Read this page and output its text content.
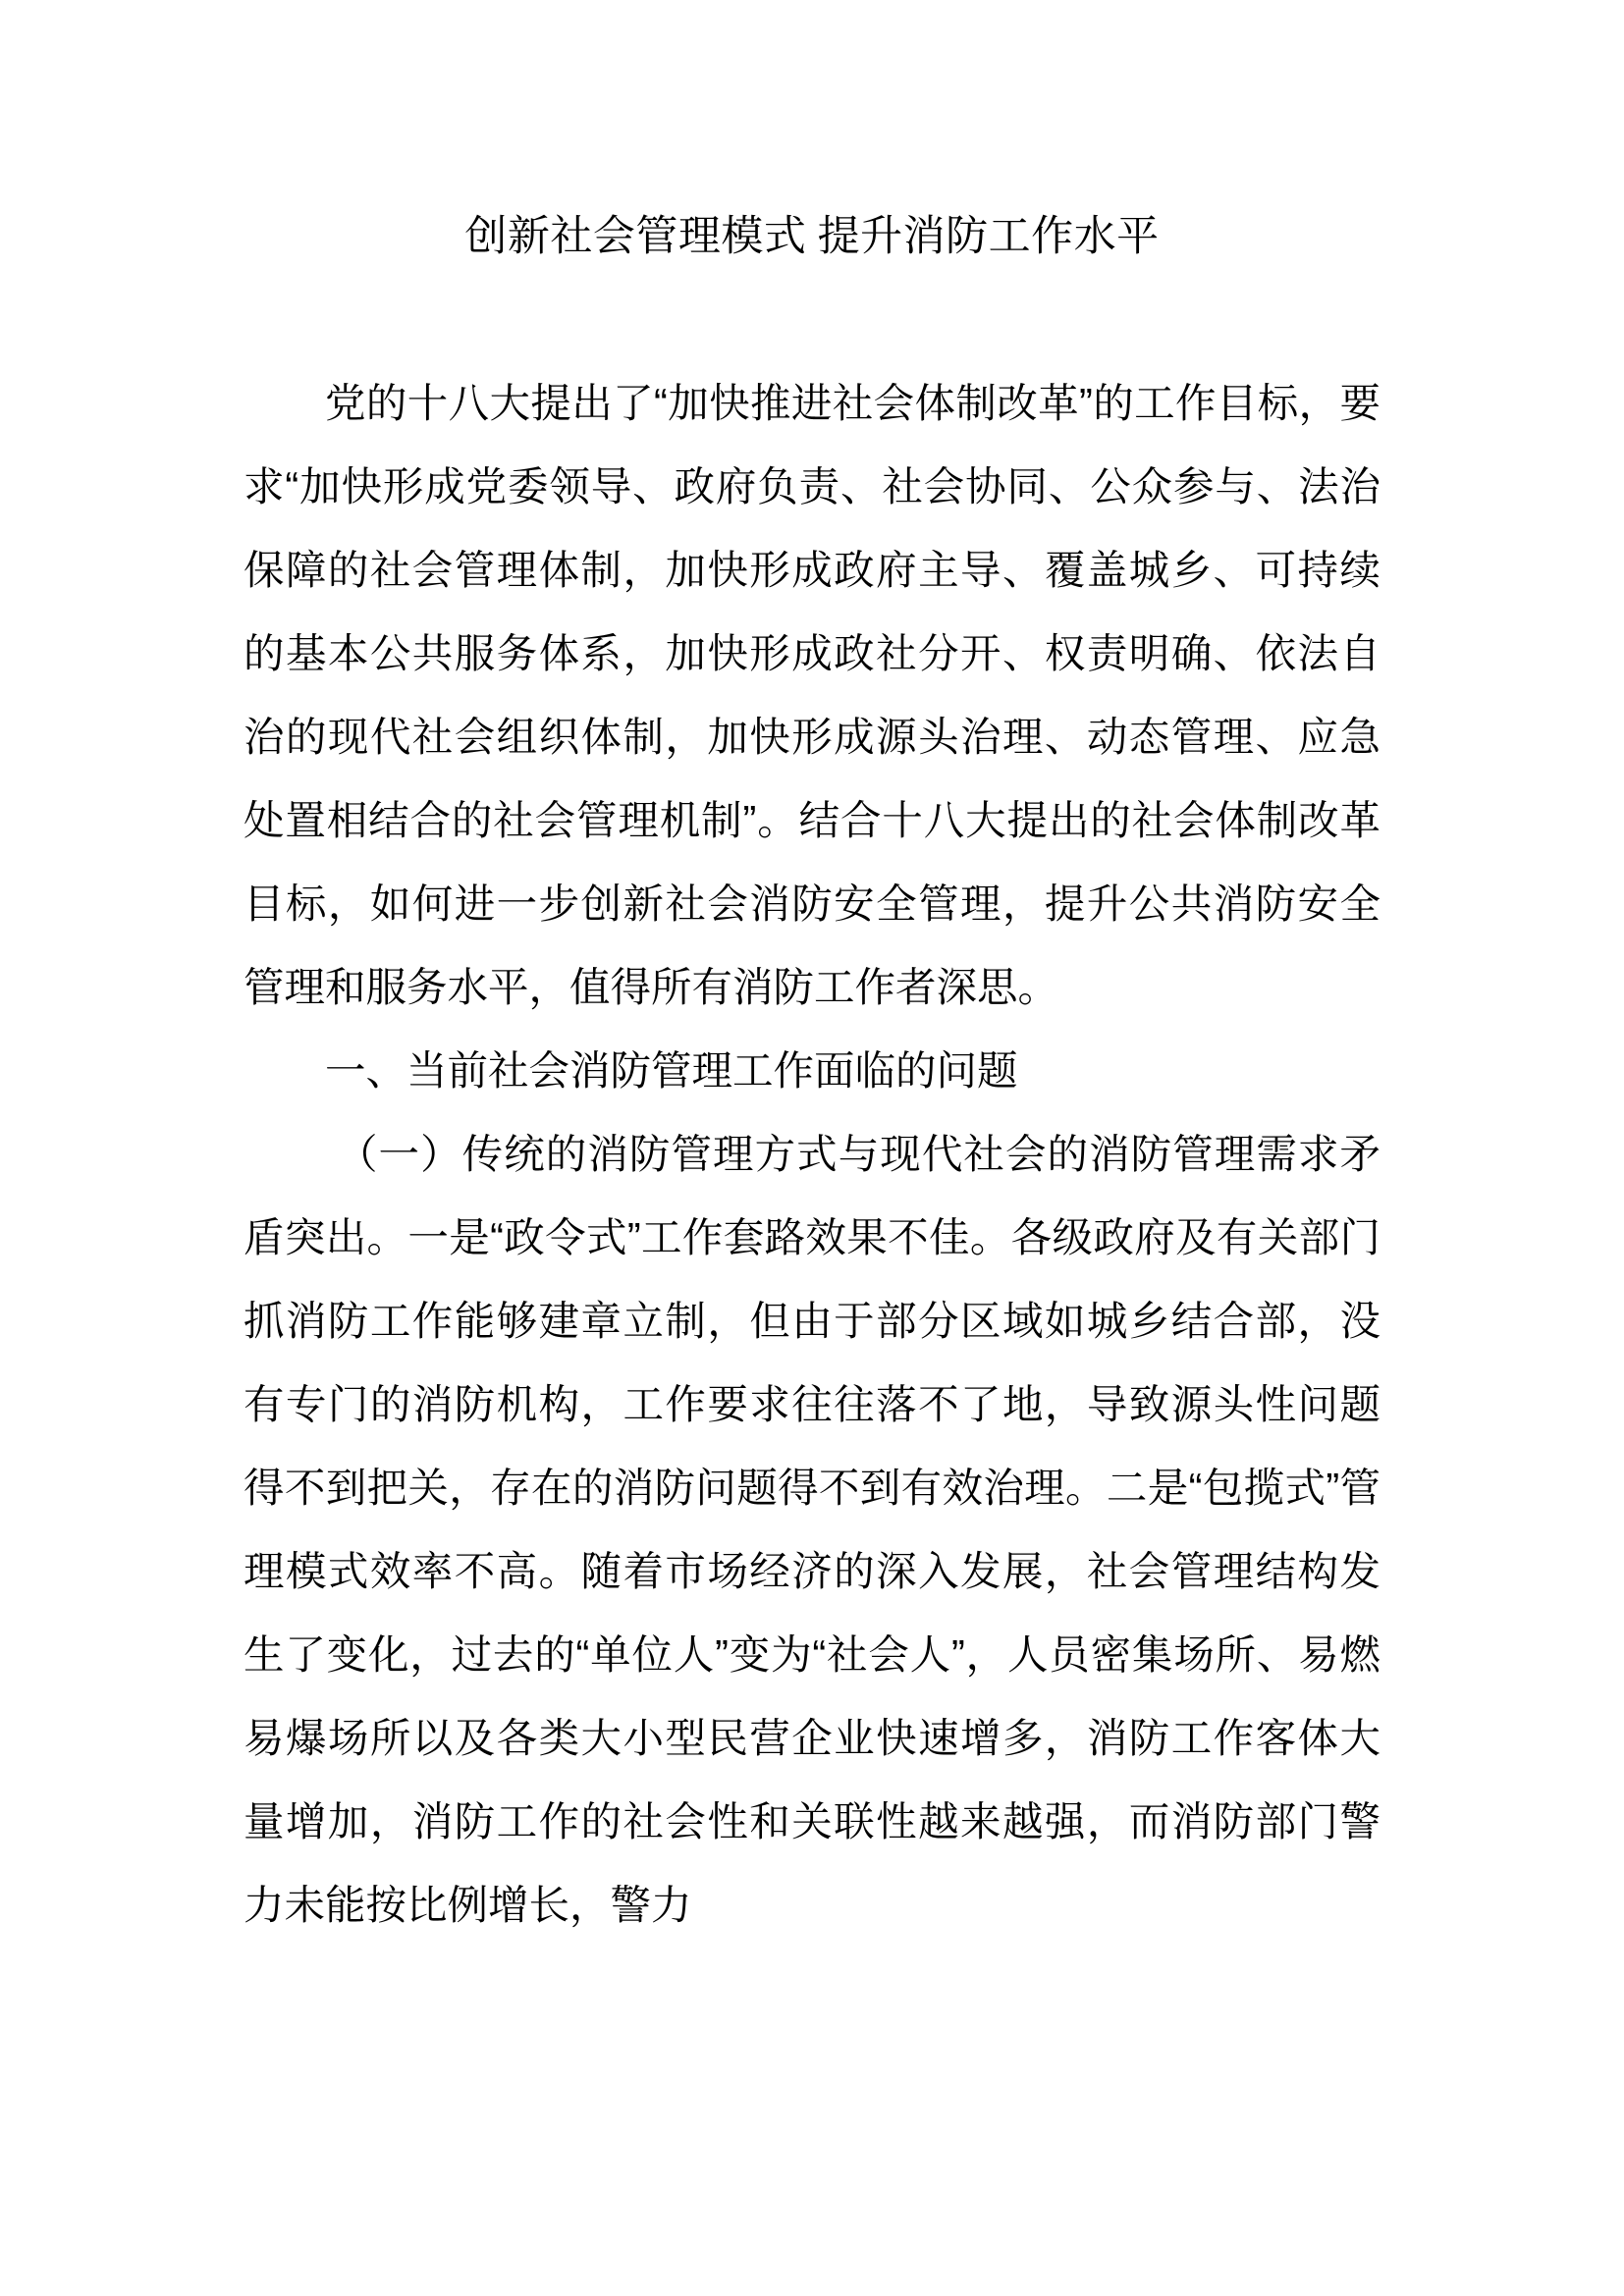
创新社会管理模式 提升消防工作水平

党的十八大提出了“加快推进社会体制改革”的工作目标，要求“加快形成党委领导、政府负责、社会协同、公众参与、法治保障的社会管理体制，加快形成政府主导、覆盖城乡、可持续的基本公共服务体系，加快形成政社分开、权责明确、依法自治的现代社会组织体制，加快形成源头治理、动态管理、应急处置相结合的社会管理机制”。结合十八大提出的社会体制改革目标，如何进一步创新社会消防安全管理，提升公共消防安全管理和服务水平，值得所有消防工作者深思。

一、当前社会消防管理工作面临的问题

（一）传统的消防管理方式与现代社会的消防管理需求矛盾突出。一是“政令式”工作套路效果不佳。各级政府及有关部门抓消防工作能够建章立制，但由于部分区域如城乡结合部，没有专门的消防机构，工作要求往往落不了地，导致源头性问题得不到把关，存在的消防问题得不到有效治理。二是“包揽式”管理模式效率不高。随着市场经济的深入发展，社会管理结构发生了变化，过去的“单位人”变为“社会人”，人员密集场所、易燃易爆场所以及各类大小型民营企业快速增多，消防工作客体大量增加，消防工作的社会性和关联性越来越强，而消防部门警力未能按比例增长，警力
